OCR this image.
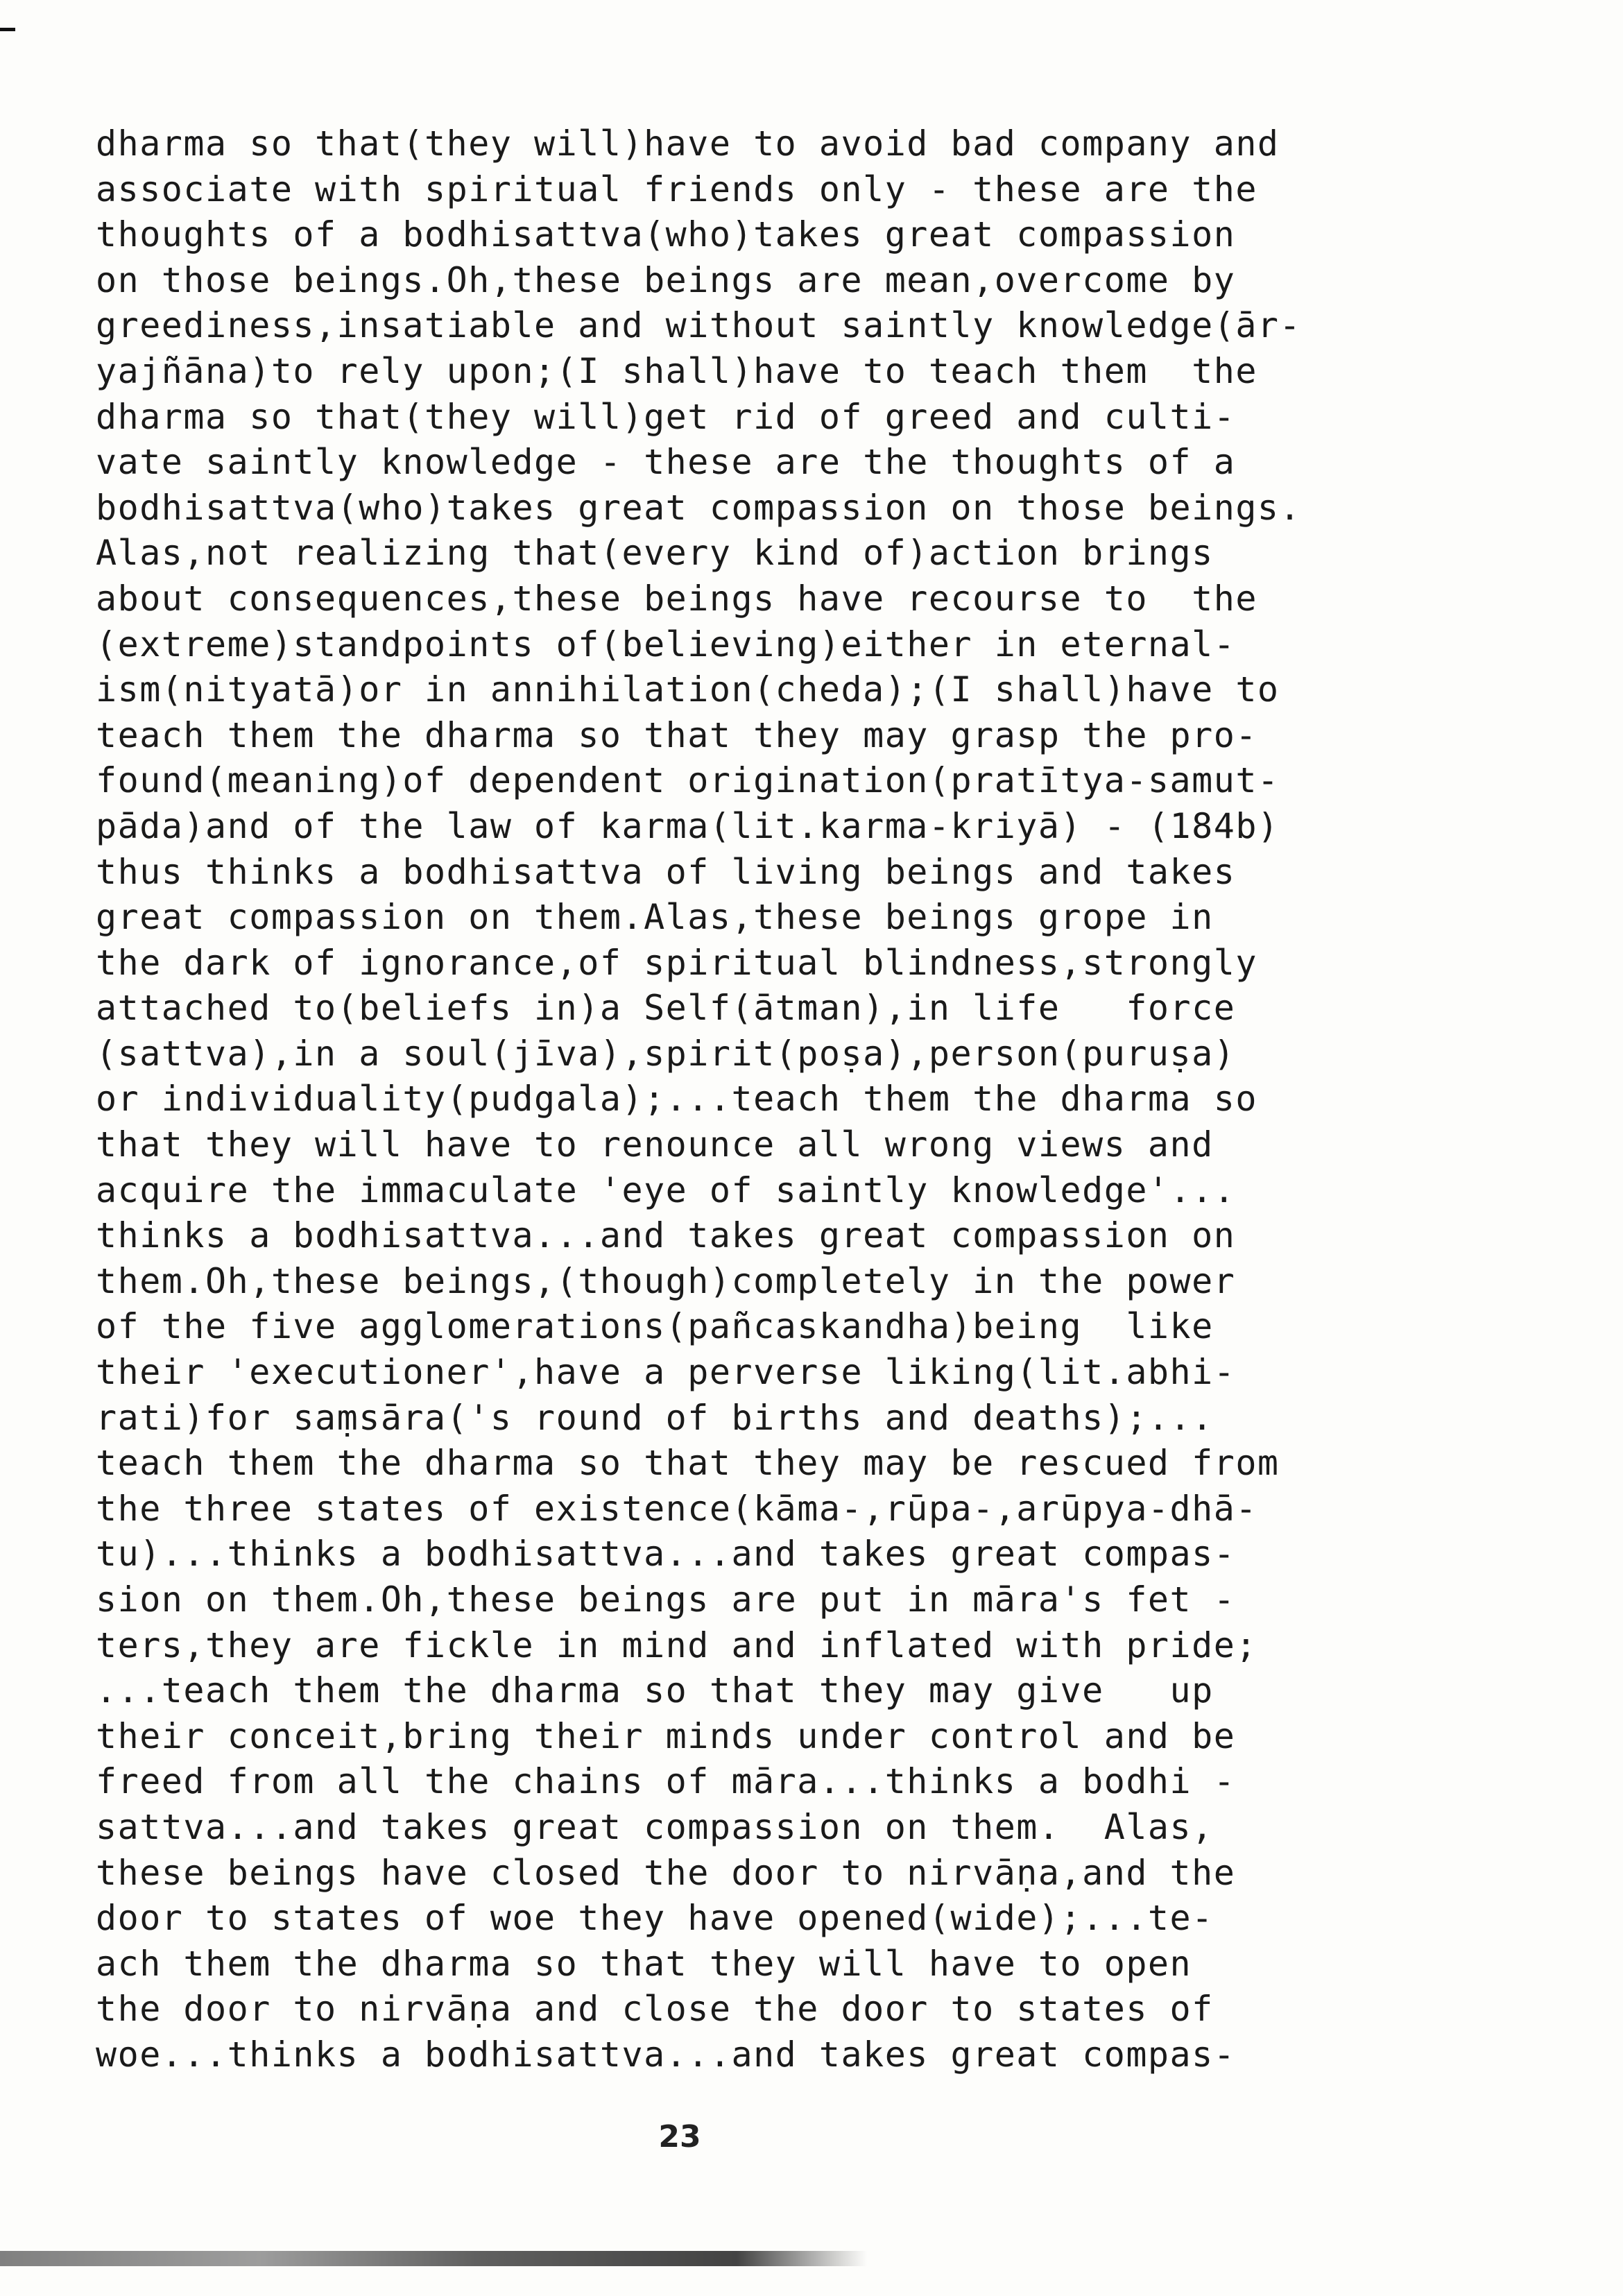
dharma so that(they will)have to avoid bad company and
associate with spiritual friends only - these are the
thoughts of a bodhisattva(who)takes great compassion
on those beings.Oh,these beings are mean,overcome by
greediness,insatiable and without saintly knowledge(ār-
yajñāna)to rely upon;(I shall)have to teach them  the
dharma so that(they will)get rid of greed and culti-
vate saintly knowledge - these are the thoughts of a
bodhisattva(who)takes great compassion on those beings.
Alas,not realizing that(every kind of)action brings
about consequences,these beings have recourse to  the
(extreme)standpoints of(believing)either in eternal-
ism(nityatā)or in annihilation(cheda);(I shall)have to
teach them the dharma so that they may grasp the pro-
found(meaning)of dependent origination(pratītya-samut-
pāda)and of the law of karma(lit.karma-kriyā) - (184b)
thus thinks a bodhisattva of living beings and takes
great compassion on them.Alas,these beings grope in
the dark of ignorance,of spiritual blindness,strongly
attached to(beliefs in)a Self(ātman),in life   force
(sattva),in a soul(jīva),spirit(poṣa),person(puruṣa)
or individuality(pudgala);...teach them the dharma so
that they will have to renounce all wrong views and
acquire the immaculate 'eye of saintly knowledge'...
thinks a bodhisattva...and takes great compassion on
them.Oh,these beings,(though)completely in the power
of the five agglomerations(pañcaskandha)being  like
their 'executioner',have a perverse liking(lit.abhi-
rati)for saṃsāra('s round of births and deaths);...
teach them the dharma so that they may be rescued from
the three states of existence(kāma-,rūpa-,arūpya-dhā-
tu)...thinks a bodhisattva...and takes great compas-
sion on them.Oh,these beings are put in māra's fet -
ters,they are fickle in mind and inflated with pride;
...teach them the dharma so that they may give   up
their conceit,bring their minds under control and be
freed from all the chains of māra...thinks a bodhi -
sattva...and takes great compassion on them.  Alas,
these beings have closed the door to nirvāṇa,and the
door to states of woe they have opened(wide);...te-
ach them the dharma so that they will have to open
the door to nirvāṇa and close the door to states of
woe...thinks a bodhisattva...and takes great compas-
23
